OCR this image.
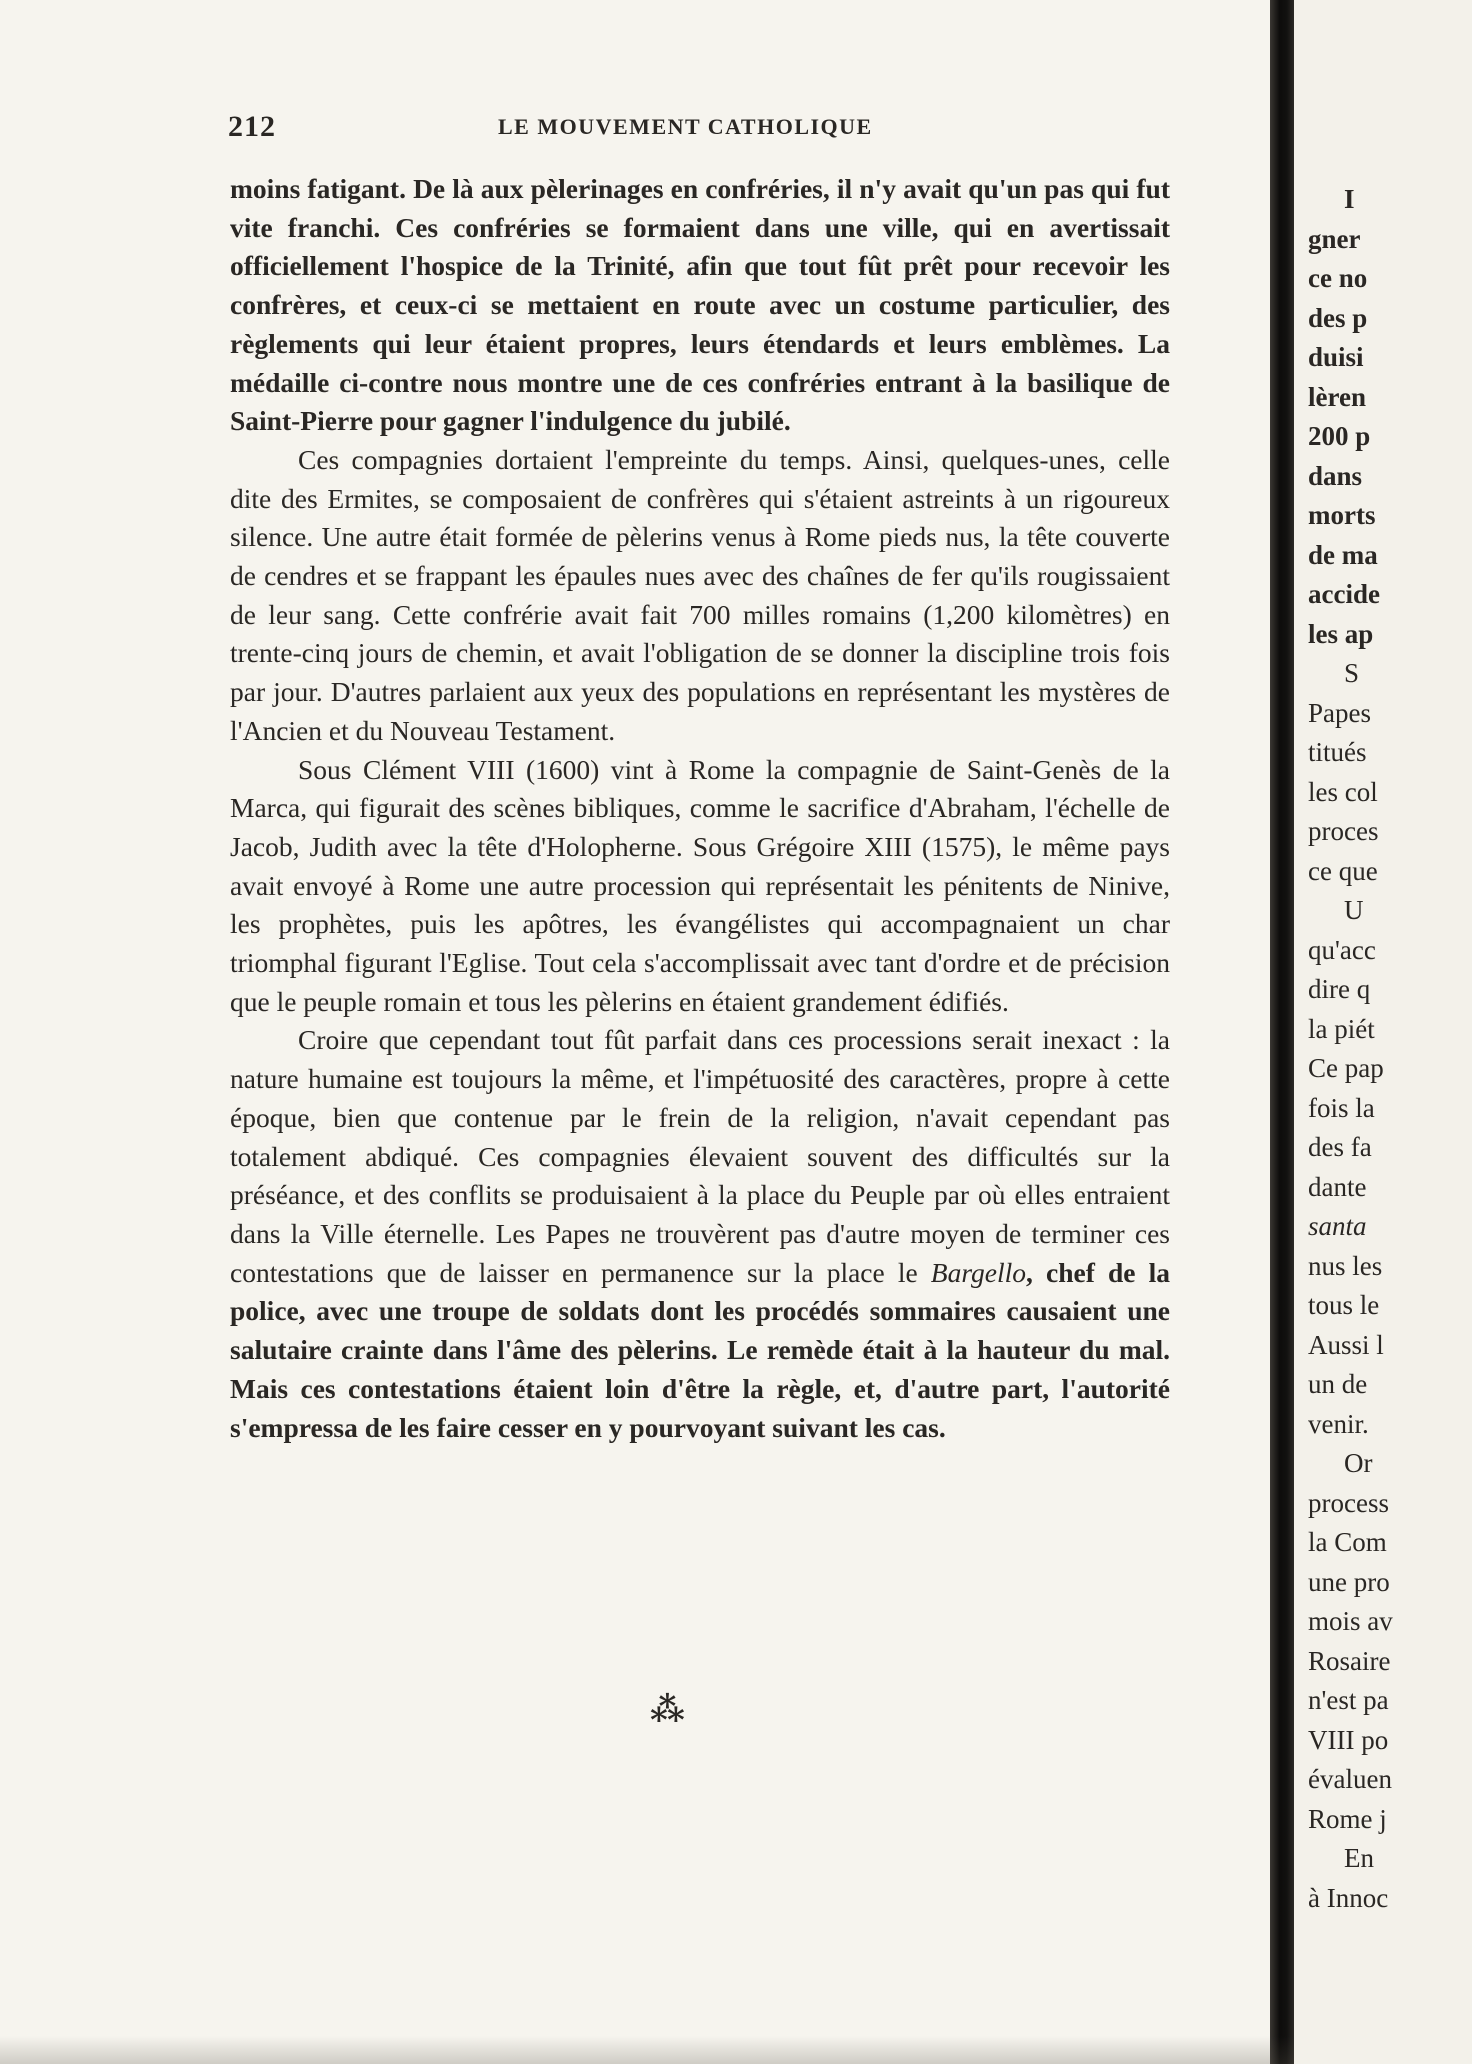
212	LE MOUVEMENT CATHOLIQUE

moins fatigant. De là aux pèlerinages en confréries, il n'y avait qu'un pas qui fut vite franchi. Ces confréries se formaient dans une ville, qui en avertissait officiellement l'hospice de la Trinité, afin que tout fût prêt pour recevoir les confrères, et ceux-ci se mettaient en route avec un costume particulier, des règlements qui leur étaient propres, leurs étendards et leurs emblèmes. La médaille ci-contre nous montre une de ces confréries entrant à la basilique de Saint-Pierre pour gagner l'indulgence du jubilé.

Ces compagnies dortaient l'empreinte du temps. Ainsi, quelques-unes, celle dite des Ermites, se composaient de confrères qui s'étaient astreints à un rigoureux silence. Une autre était formée de pèlerins venus à Rome pieds nus, la tête couverte de cendres et se frappant les épaules nues avec des chaînes de fer qu'ils rougissaient de leur sang. Cette confrérie avait fait 700 milles romains (1,200 kilomètres) en trente-cinq jours de chemin, et avait l'obligation de se donner la discipline trois fois par jour. D'autres parlaient aux yeux des populations en représentant les mystères de l'Ancien et du Nouveau Testament.

Sous Clément VIII (1600) vint à Rome la compagnie de Saint-Genès de la Marca, qui figurait des scènes bibliques, comme le sacrifice d'Abraham, l'échelle de Jacob, Judith avec la tête d'Holopherne. Sous Grégoire XIII (1575), le même pays avait envoyé à Rome une autre procession qui représentait les pénitents de Ninive, les prophètes, puis les apôtres, les évangélistes qui accompagnaient un char triomphal figurant l'Eglise. Tout cela s'accomplissait avec tant d'ordre et de précision que le peuple romain et tous les pèlerins en étaient grandement édifiés.

Croire que cependant tout fût parfait dans ces processions serait inexact : la nature humaine est toujours la même, et l'impétuosité des caractères, propre à cette époque, bien que contenue par le frein de la religion, n'avait cependant pas totalement abdiqué. Ces compagnies élevaient souvent des difficultés sur la préséance, et des conflits se produisaient à la place du Peuple par où elles entraient dans la Ville éternelle. Les Papes ne trouvèrent pas d'autre moyen de terminer ces contestations que de laisser en permanence sur la place le Bargello, chef de la police, avec une troupe de soldats dont les procédés sommaires causaient une salutaire crainte dans l'âme des pèlerins. Le remède était à la hauteur du mal. Mais ces contestations étaient loin d'être la règle, et, d'autre part, l'autorité s'empressa de les faire cesser en y pourvoyant suivant les cas.

⁂
I
gner
ce no
des p
duisi
lèren
200 p
dans
morts
de ma
accide
les ap
S
Papes
titués
les col
proces
ce que
U
qu'acc
dire q
la piét
Ce pap
fois la
des fa
dante
santa
nus les
tous le
Aussi l
un de
venir.
Or
process
la Com
une pro
mois av
Rosaire
n'est pa
VIII po
évaluen
Rome j
En
à Innoc
